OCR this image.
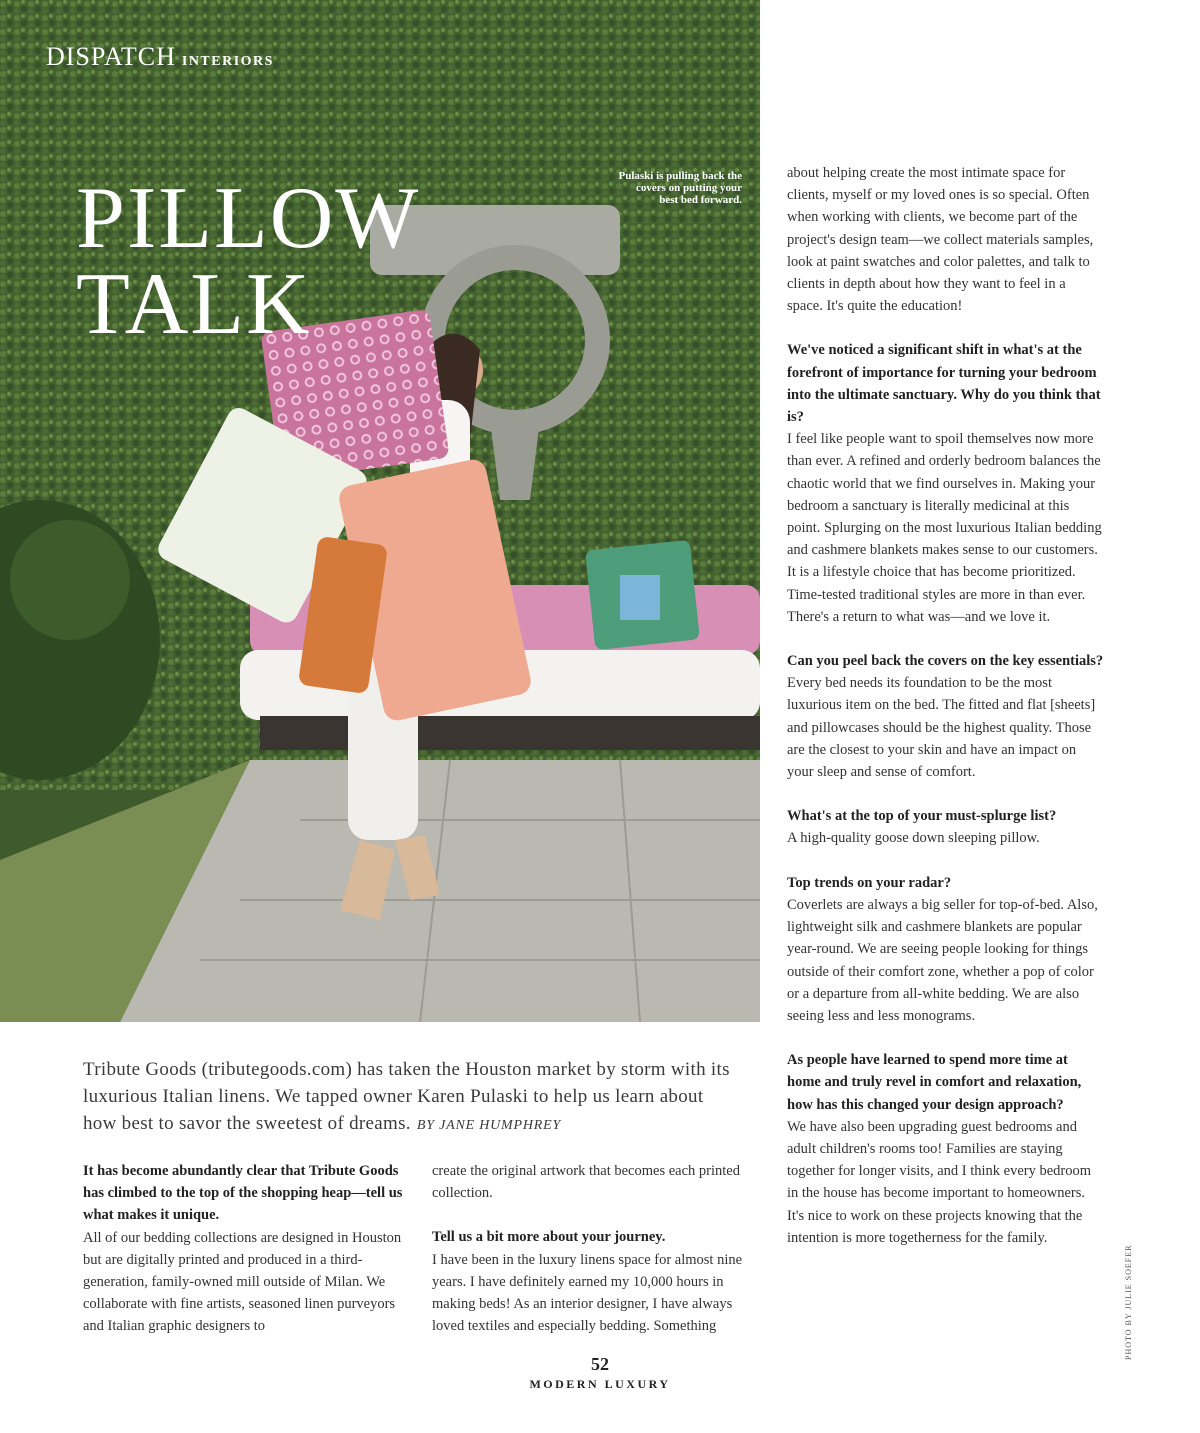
DISPATCH INTERIORS
PILLOW
TALK
Pulaski is pulling back the covers on putting your best bed forward.
Tribute Goods (tributegoods.com) has taken the Houston market by storm with its luxurious Italian linens. We tapped owner Karen Pulaski to help us learn about how best to savor the sweetest of dreams. BY JANE HUMPHREY

It has become abundantly clear that Tribute Goods has climbed to the top of the shopping heap—tell us what makes it unique.

All of our bedding collections are designed in Houston but are digitally printed and produced in a third-generation, family-owned mill outside of Milan. We collaborate with fine artists, seasoned linen purveyors and Italian graphic designers to

create the original artwork that becomes each printed collection.

Tell us a bit more about your journey.

I have been in the luxury linens space for almost nine years. I have definitely earned my 10,000 hours in making beds! As an interior designer, I have always loved textiles and especially bedding. Something

about helping create the most intimate space for clients, myself or my loved ones is so special. Often when working with clients, we become part of the project's design team—we collect materials samples, look at paint swatches and color palettes, and talk to clients in depth about how they want to feel in a space. It's quite the education!

We've noticed a significant shift in what's at the forefront of importance for turning your bedroom into the ultimate sanctuary. Why do you think that is?

I feel like people want to spoil themselves now more than ever. A refined and orderly bedroom balances the chaotic world that we find ourselves in. Making your bedroom a sanctuary is literally medicinal at this point. Splurging on the most luxurious Italian bedding and cashmere blankets makes sense to our customers. It is a lifestyle choice that has become prioritized. Time-tested traditional styles are more in than ever. There's a return to what was—and we love it.

Can you peel back the covers on the key essentials?

Every bed needs its foundation to be the most luxurious item on the bed. The fitted and flat [sheets] and pillowcases should be the highest quality. Those are the closest to your skin and have an impact on your sleep and sense of comfort.

What's at the top of your must-splurge list?

A high-quality goose down sleeping pillow.

Top trends on your radar?

Coverlets are always a big seller for top-of-bed. Also, lightweight silk and cashmere blankets are popular year-round. We are seeing people looking for things outside of their comfort zone, whether a pop of color or a departure from all-white bedding. We are also seeing less and less monograms.

As people have learned to spend more time at home and truly revel in comfort and relaxation, how has this changed your design approach?

We have also been upgrading guest bedrooms and adult children's rooms too! Families are staying together for longer visits, and I think every bedroom in the house has become important to homeowners. It's nice to work on these projects knowing that the intention is more togetherness for the family.

PHOTO BY JULIE SOEFER
52
MODERN LUXURY
